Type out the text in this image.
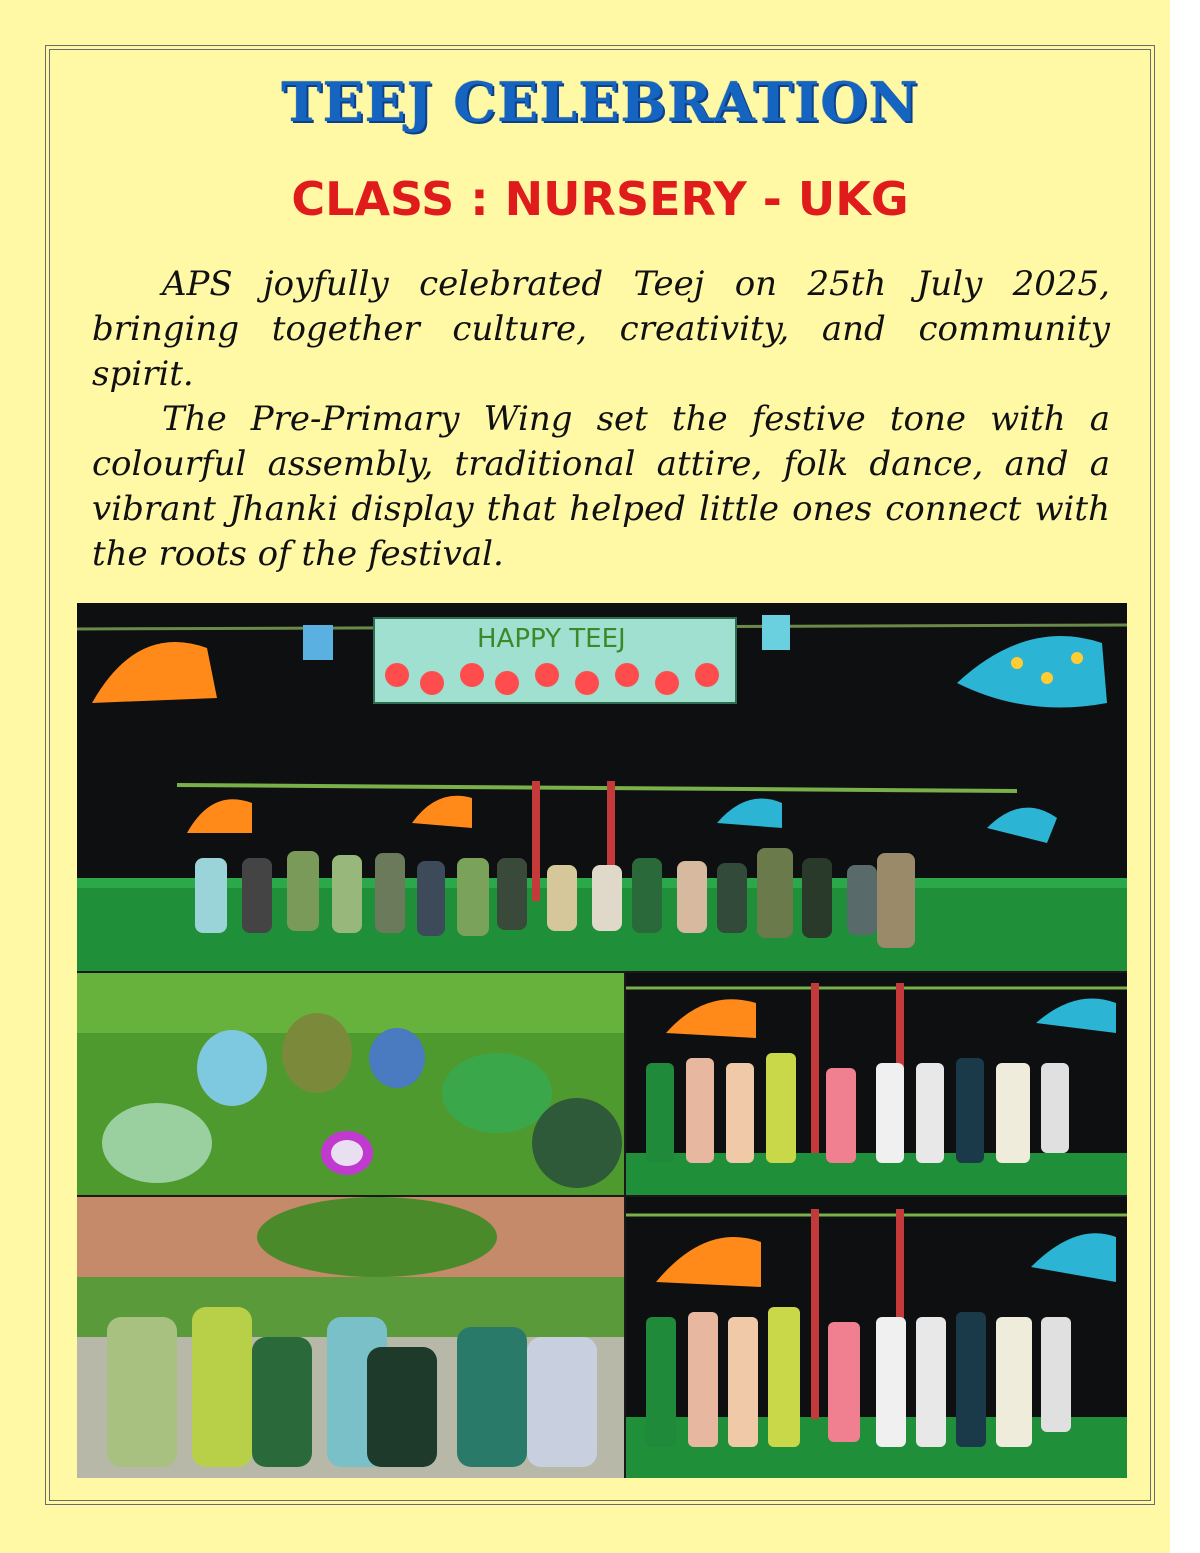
TEEJ CELEBRATION
CLASS : NURSERY - UKG

APS joyfully celebrated Teej on 25th July 2025, bringing together culture, creativity, and community spirit.

The Pre-Primary Wing set the festive tone with a colourful assembly, traditional attire, folk dance, and a vibrant Jhanki display that helped little ones connect with the roots of the festival.

HAPPY TEEJ
